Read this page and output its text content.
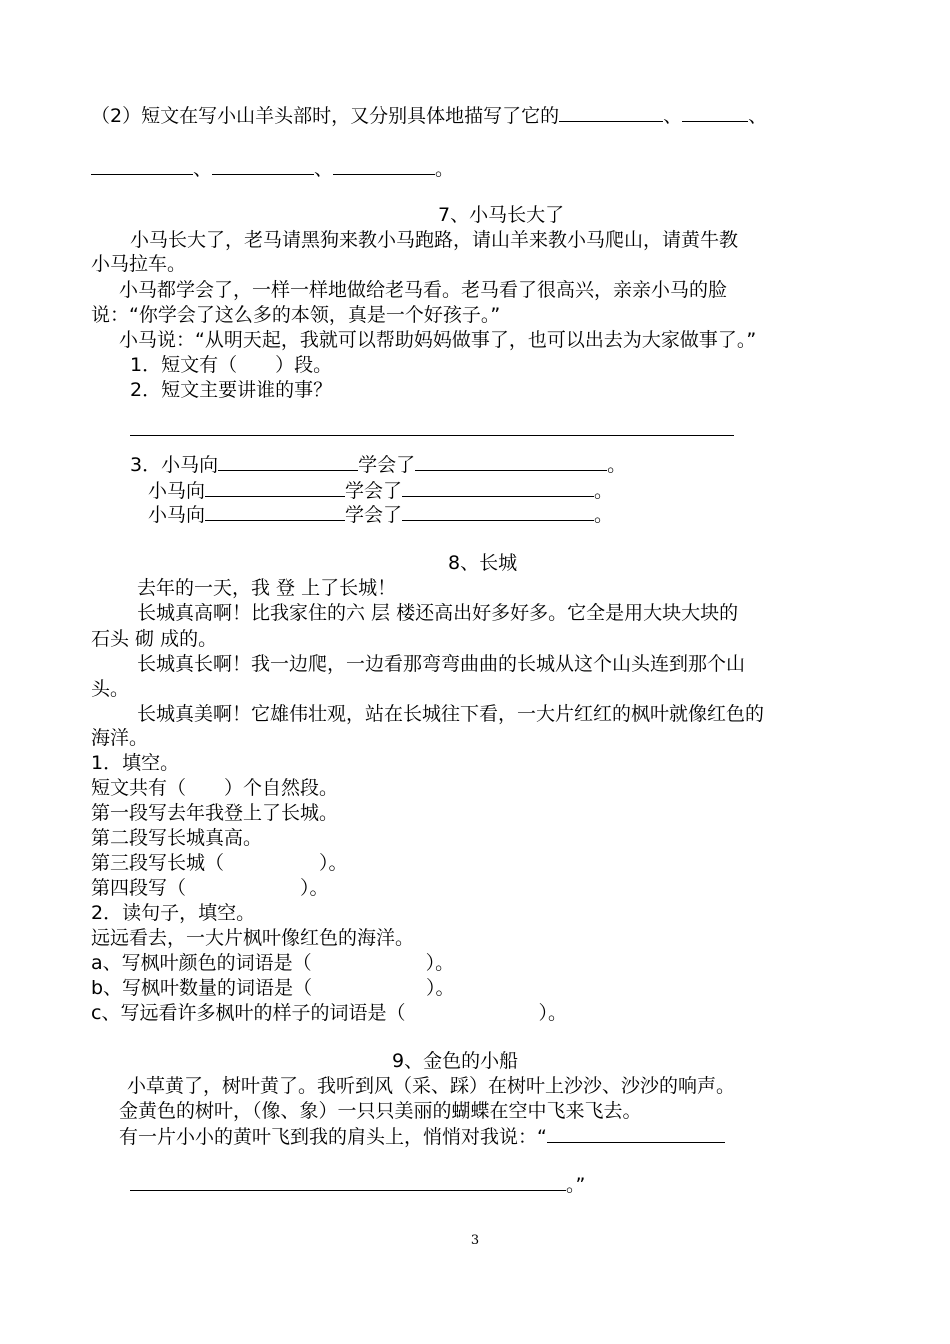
（2）短文在写小山羊头部时，又分别具体地描写了它的	、	、
、	、	。
7、小马长大了
小马长大了，老马请黑狗来教小马跑路，请山羊来教小马爬山，请黄牛教
小马拉车。
小马都学会了，一样一样地做给老马看。老马看了很高兴，亲亲小马的脸
说：“你学会了这么多的本领，真是一个好孩子。”
小马说：“从明天起，我就可以帮助妈妈做事了，也可以出去为大家做事了。”
1．短文有（　　）段。
2．短文主要讲谁的事？
3．小马向	学会了	。
小马向	学会了	。
小马向	学会了	。
8、长城
去年的一天，我 登 上了长城！
长城真高啊！比我家住的六 层 楼还高出好多好多。它全是用大块大块的
石头 砌 成的。
长城真长啊！我一边爬，一边看那弯弯曲曲的长城从这个山头连到那个山
头。
长城真美啊！它雄伟壮观，站在长城往下看，一大片红红的枫叶就像红色的
海洋。
1．填空。
短文共有（　　）个自然段。
第一段写去年我登上了长城。
第二段写长城真高。
第三段写长城（　　　　　）。
第四段写（　　　　　　）。
2．读句子，填空。
远远看去，一大片枫叶像红色的海洋。
a、写枫叶颜色的词语是（　　　　　　）。
b、写枫叶数量的词语是（　　　　　　）。
c、写远看许多枫叶的样子的词语是（　　　　　　　）。
9、金色的小船
小草黄了，树叶黄了。我听到风（采、踩）在树叶上沙沙、沙沙的响声。
金黄色的树叶，（像、象）一只只美丽的蝴蝶在空中飞来飞去。
有一片小小的黄叶飞到我的肩头上，悄悄对我说：“
。”
3
